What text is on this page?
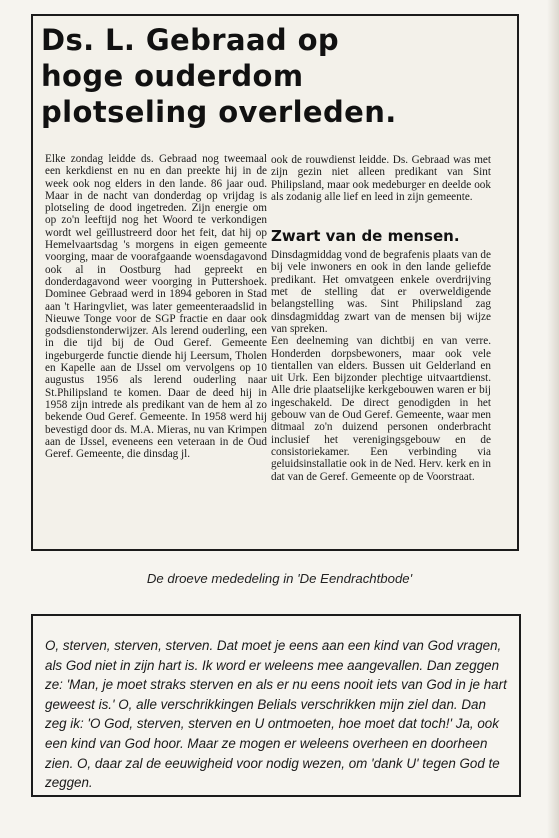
Ds. L. Gebraad op hoge ouderdom plotseling overleden.

Elke zondag leidde ds. Gebraad nog tweemaal een kerkdienst en nu en dan preekte hij in de week ook nog elders in den lande. 86 jaar oud. Maar in de nacht van donderdag op vrijdag is plotseling de dood ingetreden. Zijn energie om op zo'n leeftijd nog het Woord te verkondigen wordt wel geïllustreerd door het feit, dat hij op Hemelvaartsdag 's morgens in eigen gemeente voorging, maar de voorafgaande woensdagavond ook al in Oostburg had gepreekt en donderdagavond weer voorging in Puttershoek. Dominee Gebraad werd in 1894 geboren in Stad aan 't Haringvliet, was later gemeenteraadslid in Nieuwe Tonge voor de SGP fractie en daar ook godsdienstonderwijzer. Als lerend ouderling, een in die tijd bij de Oud Geref. Gemeente ingeburgerde functie diende hij Leersum, Tholen en Kapelle aan de IJssel om vervolgens op 10 augustus 1956 als lerend ouderling naar St.Philipsland te komen. Daar de deed hij in 1958 zijn intrede als predikant van de hem al zo bekende Oud Geref. Gemeente. In 1958 werd hij bevestigd door ds. M.A. Mieras, nu van Krimpen aan de IJssel, eveneens een veteraan in de Oud Geref. Gemeente, die dinsdag jl.

ook de rouwdienst leidde. Ds. Gebraad was met zijn gezin niet alleen predikant van Sint Philipsland, maar ook medeburger en deelde ook als zodanig alle lief en leed in zijn gemeente.

Zwart van de mensen.

Dinsdagmiddag vond de begrafenis plaats van de bij vele inwoners en ook in den lande geliefde predikant. Het omvatgeen enkele overdrijving met de stelling dat er overweldigende belangstelling was. Sint Philipsland zag dinsdagmiddag zwart van de mensen bij wijze van spreken.

Een deelneming van dichtbij en van verre. Honderden dorpsbewoners, maar ook vele tientallen van elders. Bussen uit Gelderland en uit Urk. Een bijzonder plechtige uitvaartdienst. Alle drie plaatselijke kerkgebouwen waren er bij ingeschakeld. De direct genodigden in het gebouw van de Oud Geref. Gemeente, waar men ditmaal zo'n duizend personen onderbracht inclusief het verenigingsgebouw en de consistoriekamer. Een verbinding via geluidsinstallatie ook in de Ned. Herv. kerk en in dat van de Geref. Gemeente op de Voorstraat.

De droeve mededeling in 'De Eendrachtbode'

O, sterven, sterven, sterven. Dat moet je eens aan een kind van God vragen, als God niet in zijn hart is. Ik word er weleens mee aangevallen. Dan zeggen ze: 'Man, je moet straks sterven en als er nu eens nooit iets van God in je hart geweest is.' O, alle verschrikkingen Belials verschrikken mijn ziel dan. Dan zeg ik: 'O God, sterven, sterven en U ontmoeten, hoe moet dat toch!' Ja, ook een kind van God hoor. Maar ze mogen er weleens overheen en doorheen zien. O, daar zal de eeuwigheid voor nodig wezen, om 'dank U' tegen God te zeggen.
